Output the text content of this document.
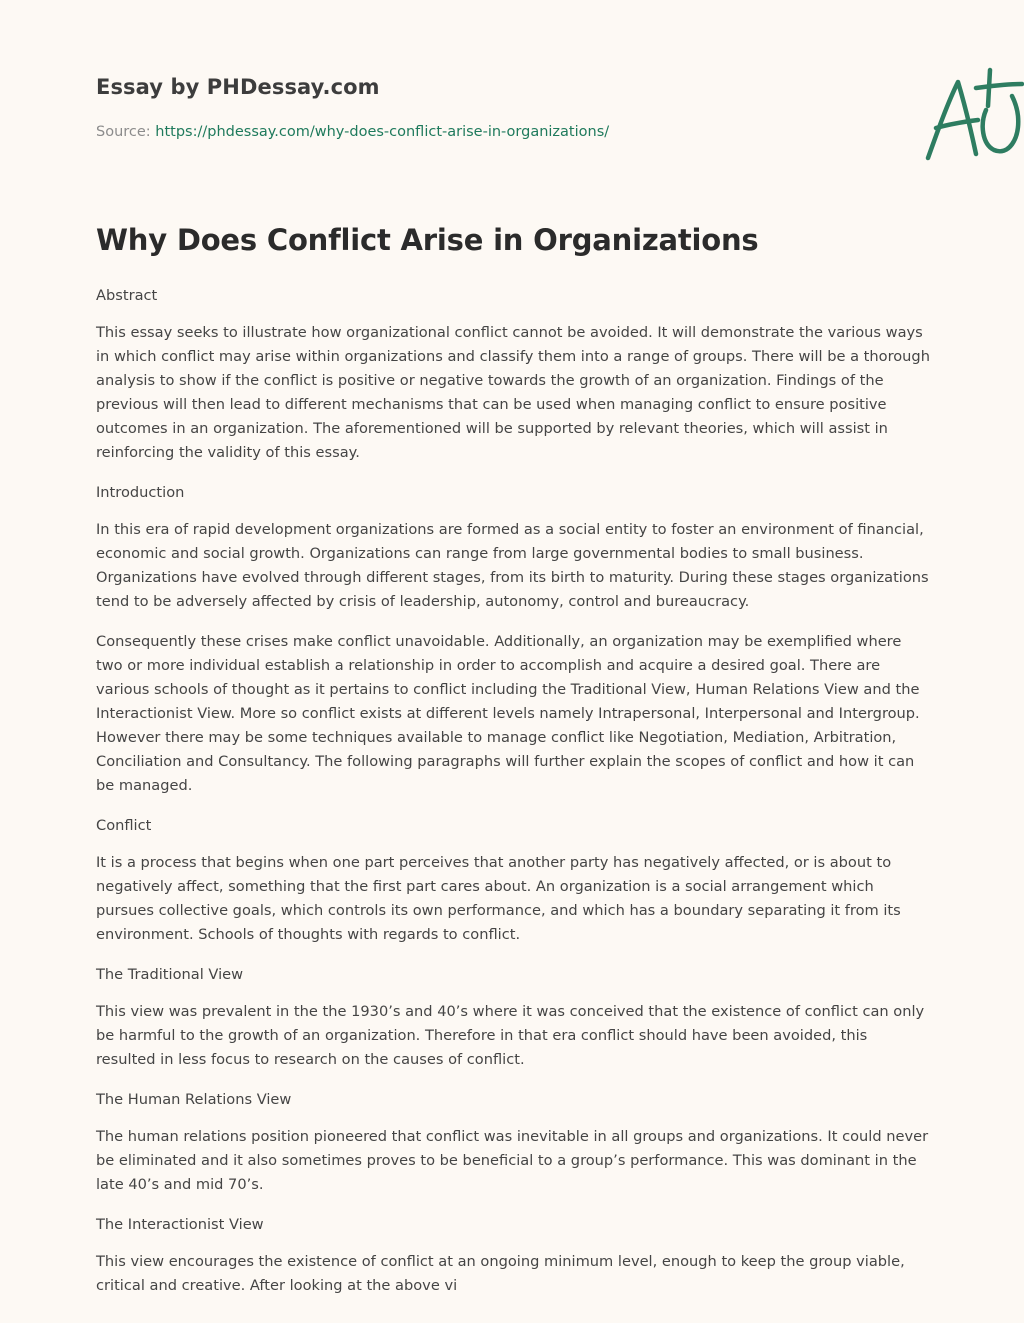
Essay by PHDessay.com
Source: https://phdessay.com/why-does-conflict-arise-in-organizations/
Why Does Conflict Arise in Organizations

Abstract

This essay seeks to illustrate how organizational conflict cannot be avoided. It will demonstrate the various ways in which conflict may arise within organizations and classify them into a range of groups. There will be a thorough analysis to show if the conflict is positive or negative towards the growth of an organization. Findings of the previous will then lead to different mechanisms that can be used when managing conflict to ensure positive outcomes in an organization. The aforementioned will be supported by relevant theories, which will assist in reinforcing the validity of this essay.

Introduction

In this era of rapid development organizations are formed as a social entity to foster an environment of financial, economic and social growth. Organizations can range from large governmental bodies to small business. Organizations have evolved through different stages, from its birth to maturity. During these stages organizations tend to be adversely affected by crisis of leadership, autonomy, control and bureaucracy.

Consequently these crises make conflict unavoidable. Additionally, an organization may be exemplified where two or more individual establish a relationship in order to accomplish and acquire a desired goal. There are various schools of thought as it pertains to conflict including the Traditional View, Human Relations View and the Interactionist View. More so conflict exists at different levels namely Intrapersonal, Interpersonal and Intergroup. However there may be some techniques available to manage conflict like Negotiation, Mediation, Arbitration, Conciliation and Consultancy. The following paragraphs will further explain the scopes of conflict and how it can be managed.

Conflict

It is a process that begins when one part perceives that another party has negatively affected, or is about to negatively affect, something that the first part cares about. An organization is a social arrangement which pursues collective goals, which controls its own performance, and which has a boundary separating it from its environment. Schools of thoughts with regards to conflict.

The Traditional View

This view was prevalent in the the 1930’s and 40’s where it was conceived that the existence of conflict can only be harmful to the growth of an organization. Therefore in that era conflict should have been avoided, this resulted in less focus to research on the causes of conflict.

The Human Relations View

The human relations position pioneered that conflict was inevitable in all groups and organizations. It could never be eliminated and it also sometimes proves to be beneficial to a group’s performance. This was dominant in the late 40’s and mid 70’s.

The Interactionist View

This view encourages the existence of conflict at an ongoing minimum level, enough to keep the group viable, critical and creative. After looking at the above vi
